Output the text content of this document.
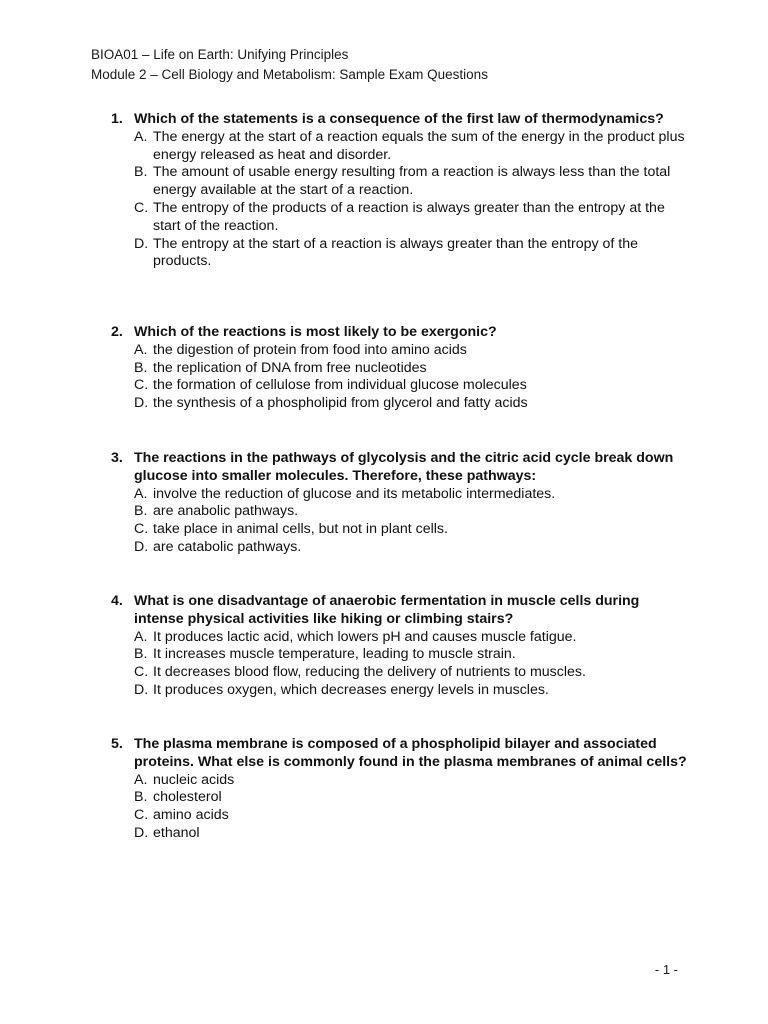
BIOA01 – Life on Earth: Unifying Principles
Module 2 – Cell Biology and Metabolism: Sample Exam Questions
1. Which of the statements is a consequence of the first law of thermodynamics?
A. The energy at the start of a reaction equals the sum of the energy in the product plus energy released as heat and disorder.
B. The amount of usable energy resulting from a reaction is always less than the total energy available at the start of a reaction.
C. The entropy of the products of a reaction is always greater than the entropy at the start of the reaction.
D. The entropy at the start of a reaction is always greater than the entropy of the products.
2. Which of the reactions is most likely to be exergonic?
A. the digestion of protein from food into amino acids
B. the replication of DNA from free nucleotides
C. the formation of cellulose from individual glucose molecules
D. the synthesis of a phospholipid from glycerol and fatty acids
3. The reactions in the pathways of glycolysis and the citric acid cycle break down glucose into smaller molecules. Therefore, these pathways:
A. involve the reduction of glucose and its metabolic intermediates.
B. are anabolic pathways.
C. take place in animal cells, but not in plant cells.
D. are catabolic pathways.
4. What is one disadvantage of anaerobic fermentation in muscle cells during intense physical activities like hiking or climbing stairs?
A. It produces lactic acid, which lowers pH and causes muscle fatigue.
B. It increases muscle temperature, leading to muscle strain.
C. It decreases blood flow, reducing the delivery of nutrients to muscles.
D. It produces oxygen, which decreases energy levels in muscles.
5. The plasma membrane is composed of a phospholipid bilayer and associated proteins. What else is commonly found in the plasma membranes of animal cells?
A. nucleic acids
B. cholesterol
C. amino acids
D. ethanol
- 1 -
